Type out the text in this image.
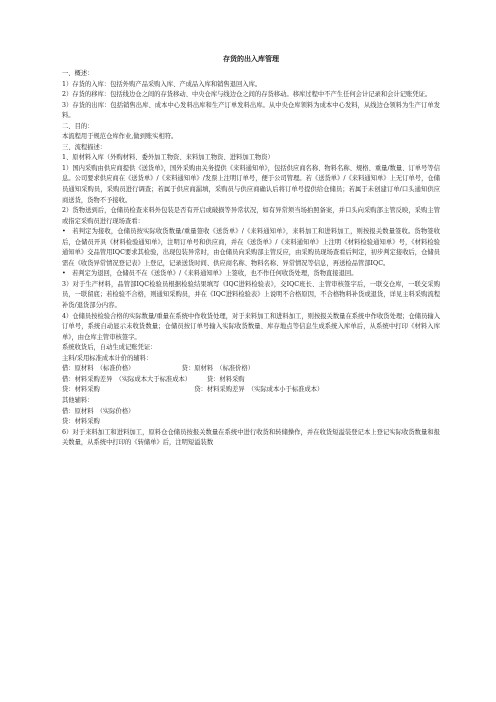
存货的出入库管理

一、概述：

1）存货的入库：包括外购产品采购入库、产成品入库和销售退回入库。

2）存货的移库：包括线边仓之间的存货移动、中央仓库与线边仓之间的存货移动。移库过程中不产生任何会计记录和会计记账凭证。

3）存货的出库：包括销售出库、成本中心发料出库和生产订单发料出库。从中央仓库领料为成本中心发料，从线边仓领料为生产订单发料。

二、目的：

本流程用于规范仓库作业,做到账实相符。

三、流程描述：

1、原材料入库（外购材料、委外加工物资、来料加工物资、进料加工物资）

1）国内采购由供应商提供《送货单》，国外采购由关务提供《来料通知单》，包括供应商名称、物料名称、规格、重量/数量、订单号等信息。公司要求供应商在《送货单》/《来料通知单》/发票上注明订单号，便于公司管理。若《送货单》/《来料通知单》上无订单号，仓储员通知采购员，采购员进行调查；若属于供应商漏填，采购员与供应商确认后将订单号提供给仓储员；若属于未创建订单/口头通知供应商送货，货物不予接收。

2）货物送到后，仓储员检查来料外包装是否有开启或破损等异常状况，如有异常须当场拍照备案，并口头向采购部主管反映，采购主管或指定采购员进行现场查看：

•　若判定为接收，仓储员按实际收货数量/重量签收《送货单》/《来料通知单》，来料加工和进料加工，则按报关数量签收。货物签收后，仓储员开具《材料检验通知单》，注明订单号和供应商，并在《送货单》/《来料通知单》上注明《材料检验通知单》号，《材料检验通知单》交品管用IQC要求其检验，出现包装异常时，由仓储员向采购部主管反应，由采购员现场查看后判定，初步判定接收后，仓储员需在《收货异常情况登记表》上登记，记录送货时间、供应商名称、物料名称、异常情况等信息，再送检品管部IQC。

•　若判定为退回，仓储员不在《送货单》/《来料通知单》上签收，也不作任何收货处理，货物直接退回。

3）对于生产材料，品管部IQC检验员根据检验结果填写《IQC进料检验表》，交IQC班长、主管审核签字后，一联交仓库，一联交采购员，一联留底；若检验不合格，则通知采购员，并在《IQC进料检验表》上说明不合格原因，不合格物料补货或退货，详见主料采购流程补货/退货部分内容。

4）仓储员按检验合格的实际数量/重量在系统中作收货处理，对于来料加工和进料加工，则按报关数量在系统中作收货处理；仓储员输入订单号，系统自动显示未收货数量；仓储员按订单号输入实际收货数量、库存地点等信息生成系统入库单后，从系统中打印《材料入库单》，由仓库主管审核签字。

系统收货后，自动生成记账凭证：

主料/采用标准成本计价的辅料：

借：原材料　（标准价格）　　　　　　　　贷：原材料　（标准价格）

借：材料采购差异　（实际成本大于标准成本）　　　贷：材料采购

贷：材料采购　　　　　　　　　　　　　　　贷：材料采购差异　（实际成本小于标准成本）

其他辅料：

借：原材料　（实际价格）

贷：材料采购

6）对于来料加工和进料加工，原料仓仓储员按报关数量在系统中进行收货和转储操作，并在收货短溢装登记本上登记实际收货数量和报关数量，从系统中打印的《转储单》后，注明短溢装数
